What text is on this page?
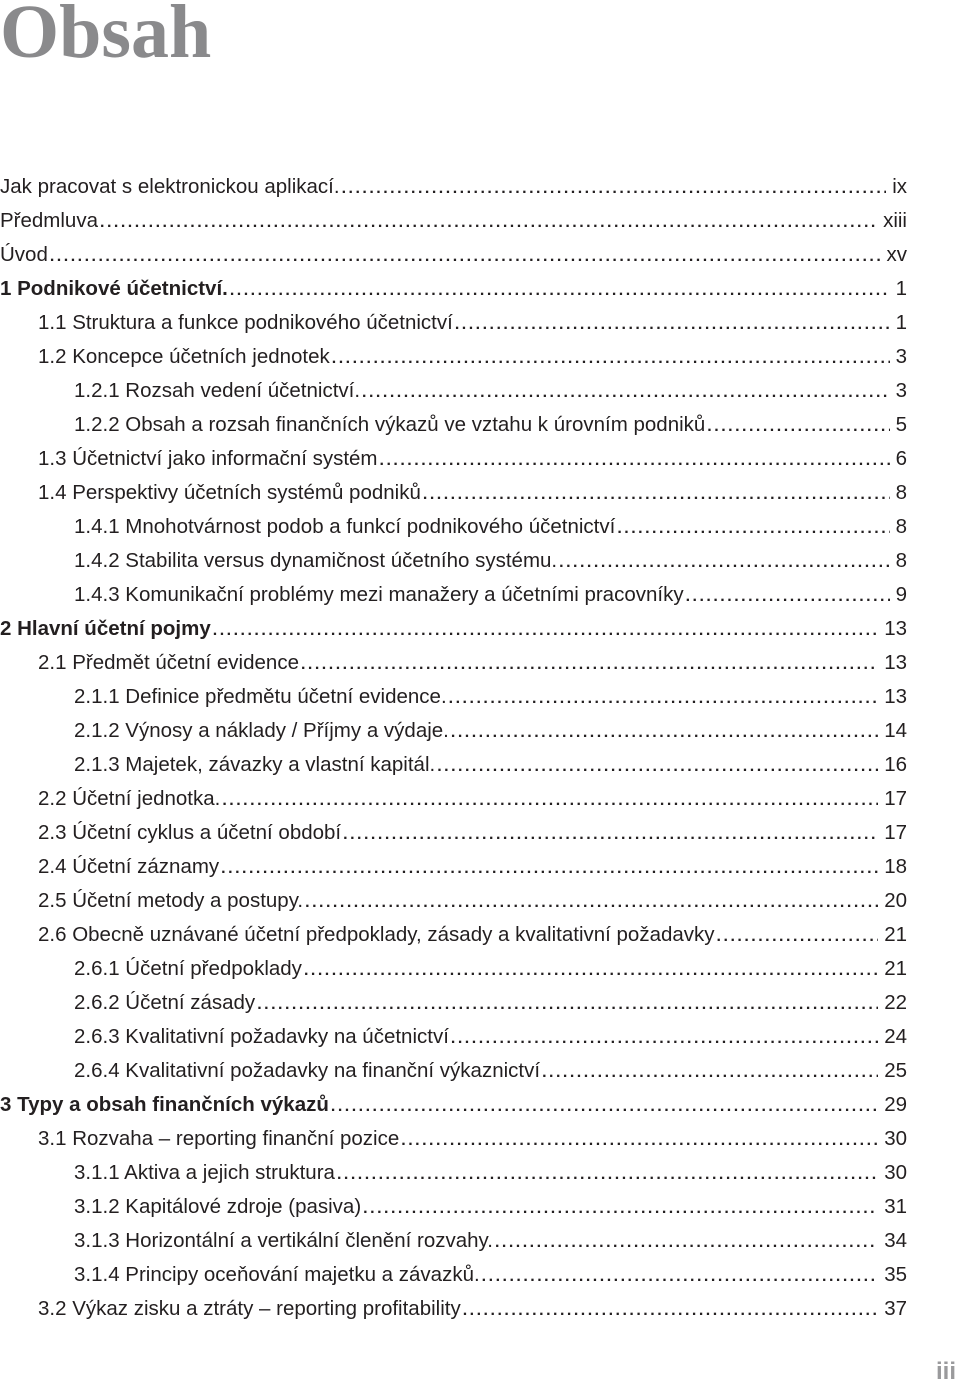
Obsah
Jak pracovat s elektronickou aplikací. .....	ix
Předmluva .....	xiii
Úvod .....	xv
1 Podnikové účetnictví. .....	1
1.1 Struktura a funkce podnikového účetnictví .....	1
1.2 Koncepce účetních jednotek .....	3
1.2.1 Rozsah vedení účetnictví. .....	3
1.2.2 Obsah a rozsah finančních výkazů ve vztahu k úrovním podniků .....	5
1.3 Účetnictví jako informační systém .....	6
1.4 Perspektivy účetních systémů podniků .....	8
1.4.1 Mnohotvárnost podob a funkcí podnikového účetnictví .....	8
1.4.2 Stabilita versus dynamičnost účetního systému. .....	8
1.4.3 Komunikační problémy mezi manažery a účetními pracovníky .....	9
2 Hlavní účetní pojmy .....	13
2.1 Předmět účetní evidence .....	13
2.1.1 Definice předmětu účetní evidence. .....	13
2.1.2 Výnosy a náklady / Příjmy a výdaje. .....	14
2.1.3 Majetek, závazky a vlastní kapitál. .....	16
2.2 Účetní jednotka. .....	17
2.3 Účetní cyklus a účetní období .....	17
2.4 Účetní záznamy .....	18
2.5 Účetní metody a postupy. .....	20
2.6 Obecně uznávané účetní předpoklady, zásady a kvalitativní požadavky .....	21
2.6.1 Účetní předpoklady .....	21
2.6.2 Účetní zásady .....	22
2.6.3 Kvalitativní požadavky na účetnictví .....	24
2.6.4 Kvalitativní požadavky na finanční výkaznictví .....	25
3 Typy a obsah finančních výkazů .....	29
3.1 Rozvaha – reporting finanční pozice .....	30
3.1.1 Aktiva a jejich struktura .....	30
3.1.2 Kapitálové zdroje (pasiva) .....	31
3.1.3 Horizontální a vertikální členění rozvahy. .....	34
3.1.4 Principy oceňování majetku a závazků. .....	35
3.2 Výkaz zisku a ztráty – reporting profitability .....	37
iii
